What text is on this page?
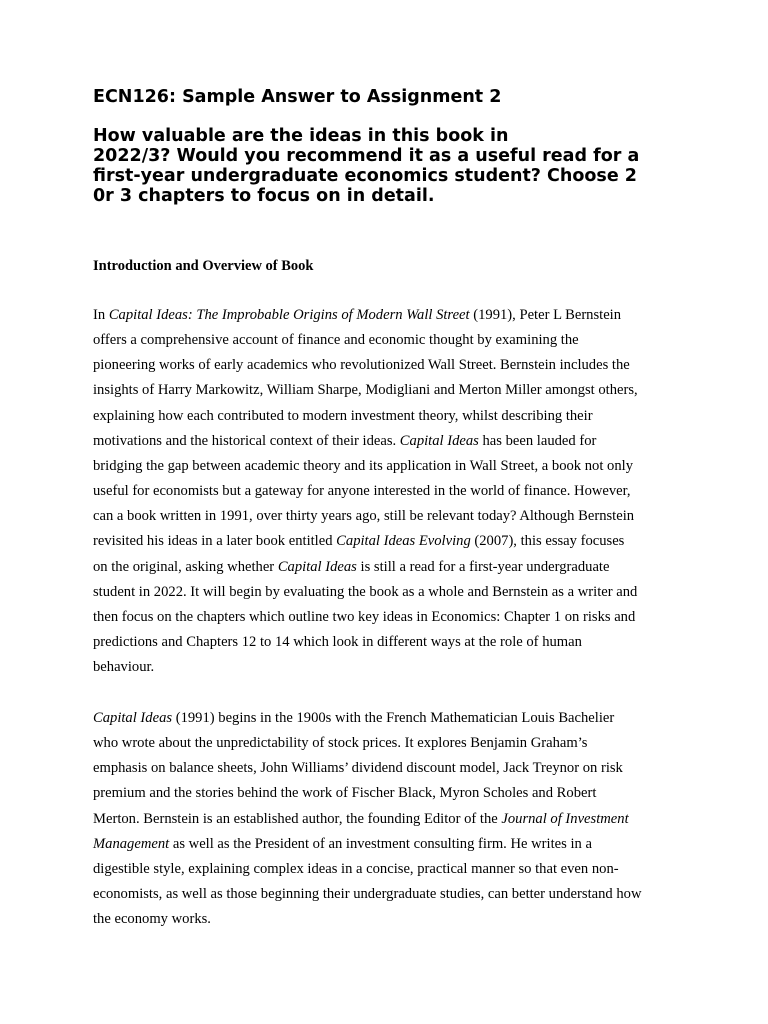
ECN126: Sample Answer to Assignment 2
How valuable are the ideas in this book in
2022/3? Would you recommend it as a useful read for a
first-year undergraduate economics student? Choose 2
0r 3 chapters to focus on in detail.
Introduction and Overview of Book

In Capital Ideas: The Improbable Origins of Modern Wall Street (1991), Peter L Bernstein
offers a comprehensive account of finance and economic thought by examining the
pioneering works of early academics who revolutionized Wall Street. Bernstein includes the
insights of Harry Markowitz, William Sharpe, Modigliani and Merton Miller amongst others,
explaining how each contributed to modern investment theory, whilst describing their
motivations and the historical context of their ideas. Capital Ideas has been lauded for
bridging the gap between academic theory and its application in Wall Street, a book not only
useful for economists but a gateway for anyone interested in the world of finance. However,
can a book written in 1991, over thirty years ago, still be relevant today? Although Bernstein
revisited his ideas in a later book entitled Capital Ideas Evolving (2007), this essay focuses
on the original, asking whether Capital Ideas is still a read for a first-year undergraduate
student in 2022. It will begin by evaluating the book as a whole and Bernstein as a writer and
then focus on the chapters which outline two key ideas in Economics: Chapter 1 on risks and
predictions and Chapters 12 to 14 which look in different ways at the role of human
behaviour.

Capital Ideas (1991) begins in the 1900s with the French Mathematician Louis Bachelier
who wrote about the unpredictability of stock prices. It explores Benjamin Graham’s
emphasis on balance sheets, John Williams’ dividend discount model, Jack Treynor on risk
premium and the stories behind the work of Fischer Black, Myron Scholes and Robert
Merton. Bernstein is an established author, the founding Editor of the Journal of Investment
Management as well as the President of an investment consulting firm. He writes in a
digestible style, explaining complex ideas in a concise, practical manner so that even non-
economists, as well as those beginning their undergraduate studies, can better understand how
the economy works.
